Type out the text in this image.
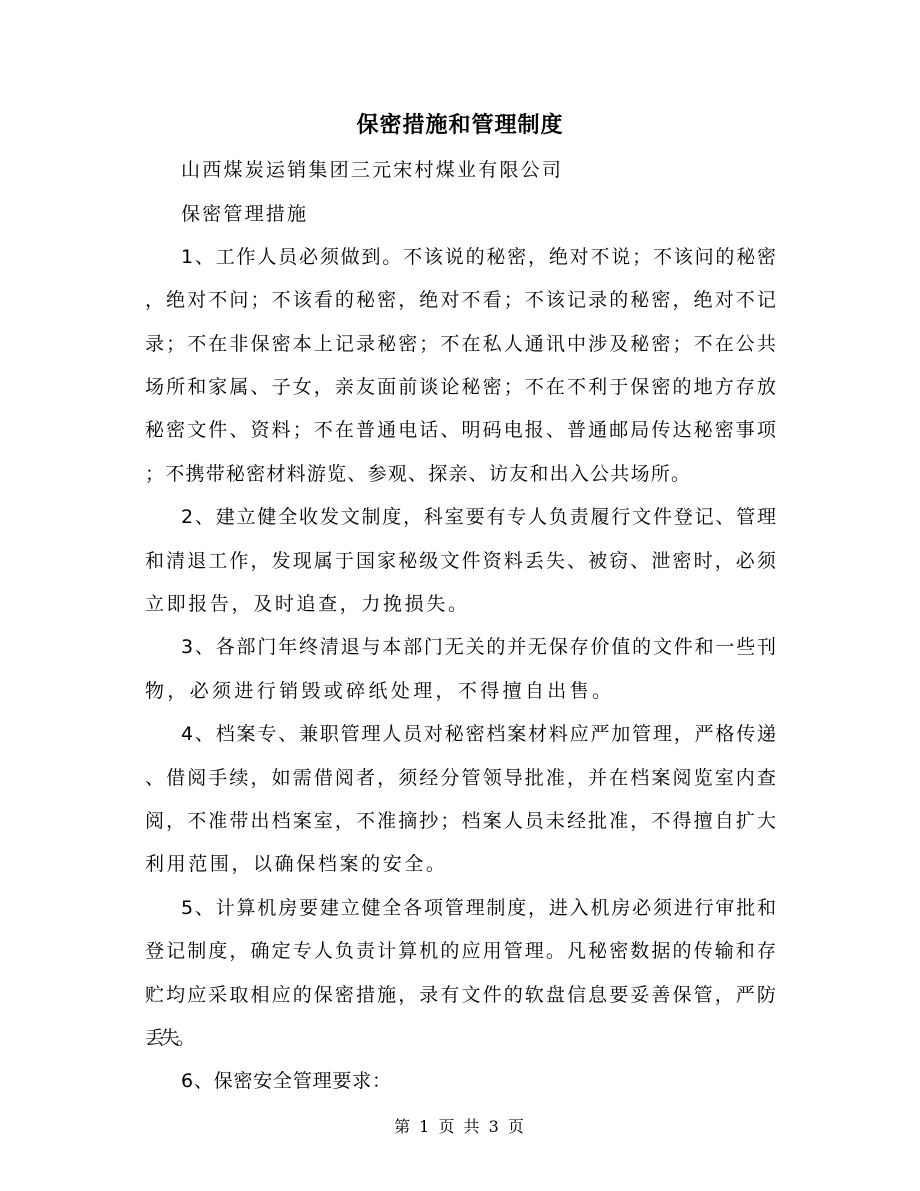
保密措施和管理制度
山西煤炭运销集团三元宋村煤业有限公司
保密管理措施
1、工作人员必须做到。不该说的秘密，绝对不说；不该问的秘密
，绝对不问；不该看的秘密，绝对不看；不该记录的秘密，绝对不记
录；不在非保密本上记录秘密；不在私人通讯中涉及秘密；不在公共
场所和家属、子女，亲友面前谈论秘密；不在不利于保密的地方存放
秘密文件、资料；不在普通电话、明码电报、普通邮局传达秘密事项
；不携带秘密材料游览、参观、探亲、访友和出入公共场所。
2、建立健全收发文制度，科室要有专人负责履行文件登记、管理
和清退工作，发现属于国家秘级文件资料丢失、被窃、泄密时，必须
立即报告，及时追查，力挽损失。
3、各部门年终清退与本部门无关的并无保存价值的文件和一些刊
物，必须进行销毁或碎纸处理，不得擅自出售。
4、档案专、兼职管理人员对秘密档案材料应严加管理，严格传递
、借阅手续，如需借阅者，须经分管领导批准，并在档案阅览室内查
阅，不准带出档案室，不准摘抄；档案人员未经批准，不得擅自扩大
利用范围，以确保档案的安全。
5、计算机房要建立健全各项管理制度，进入机房必须进行审批和
登记制度，确定专人负责计算机的应用管理。凡秘密数据的传输和存
贮均应采取相应的保密措施，录有文件的软盘信息要妥善保管，严防
丢失。
6、保密安全管理要求：
第 1 页 共 3 页
